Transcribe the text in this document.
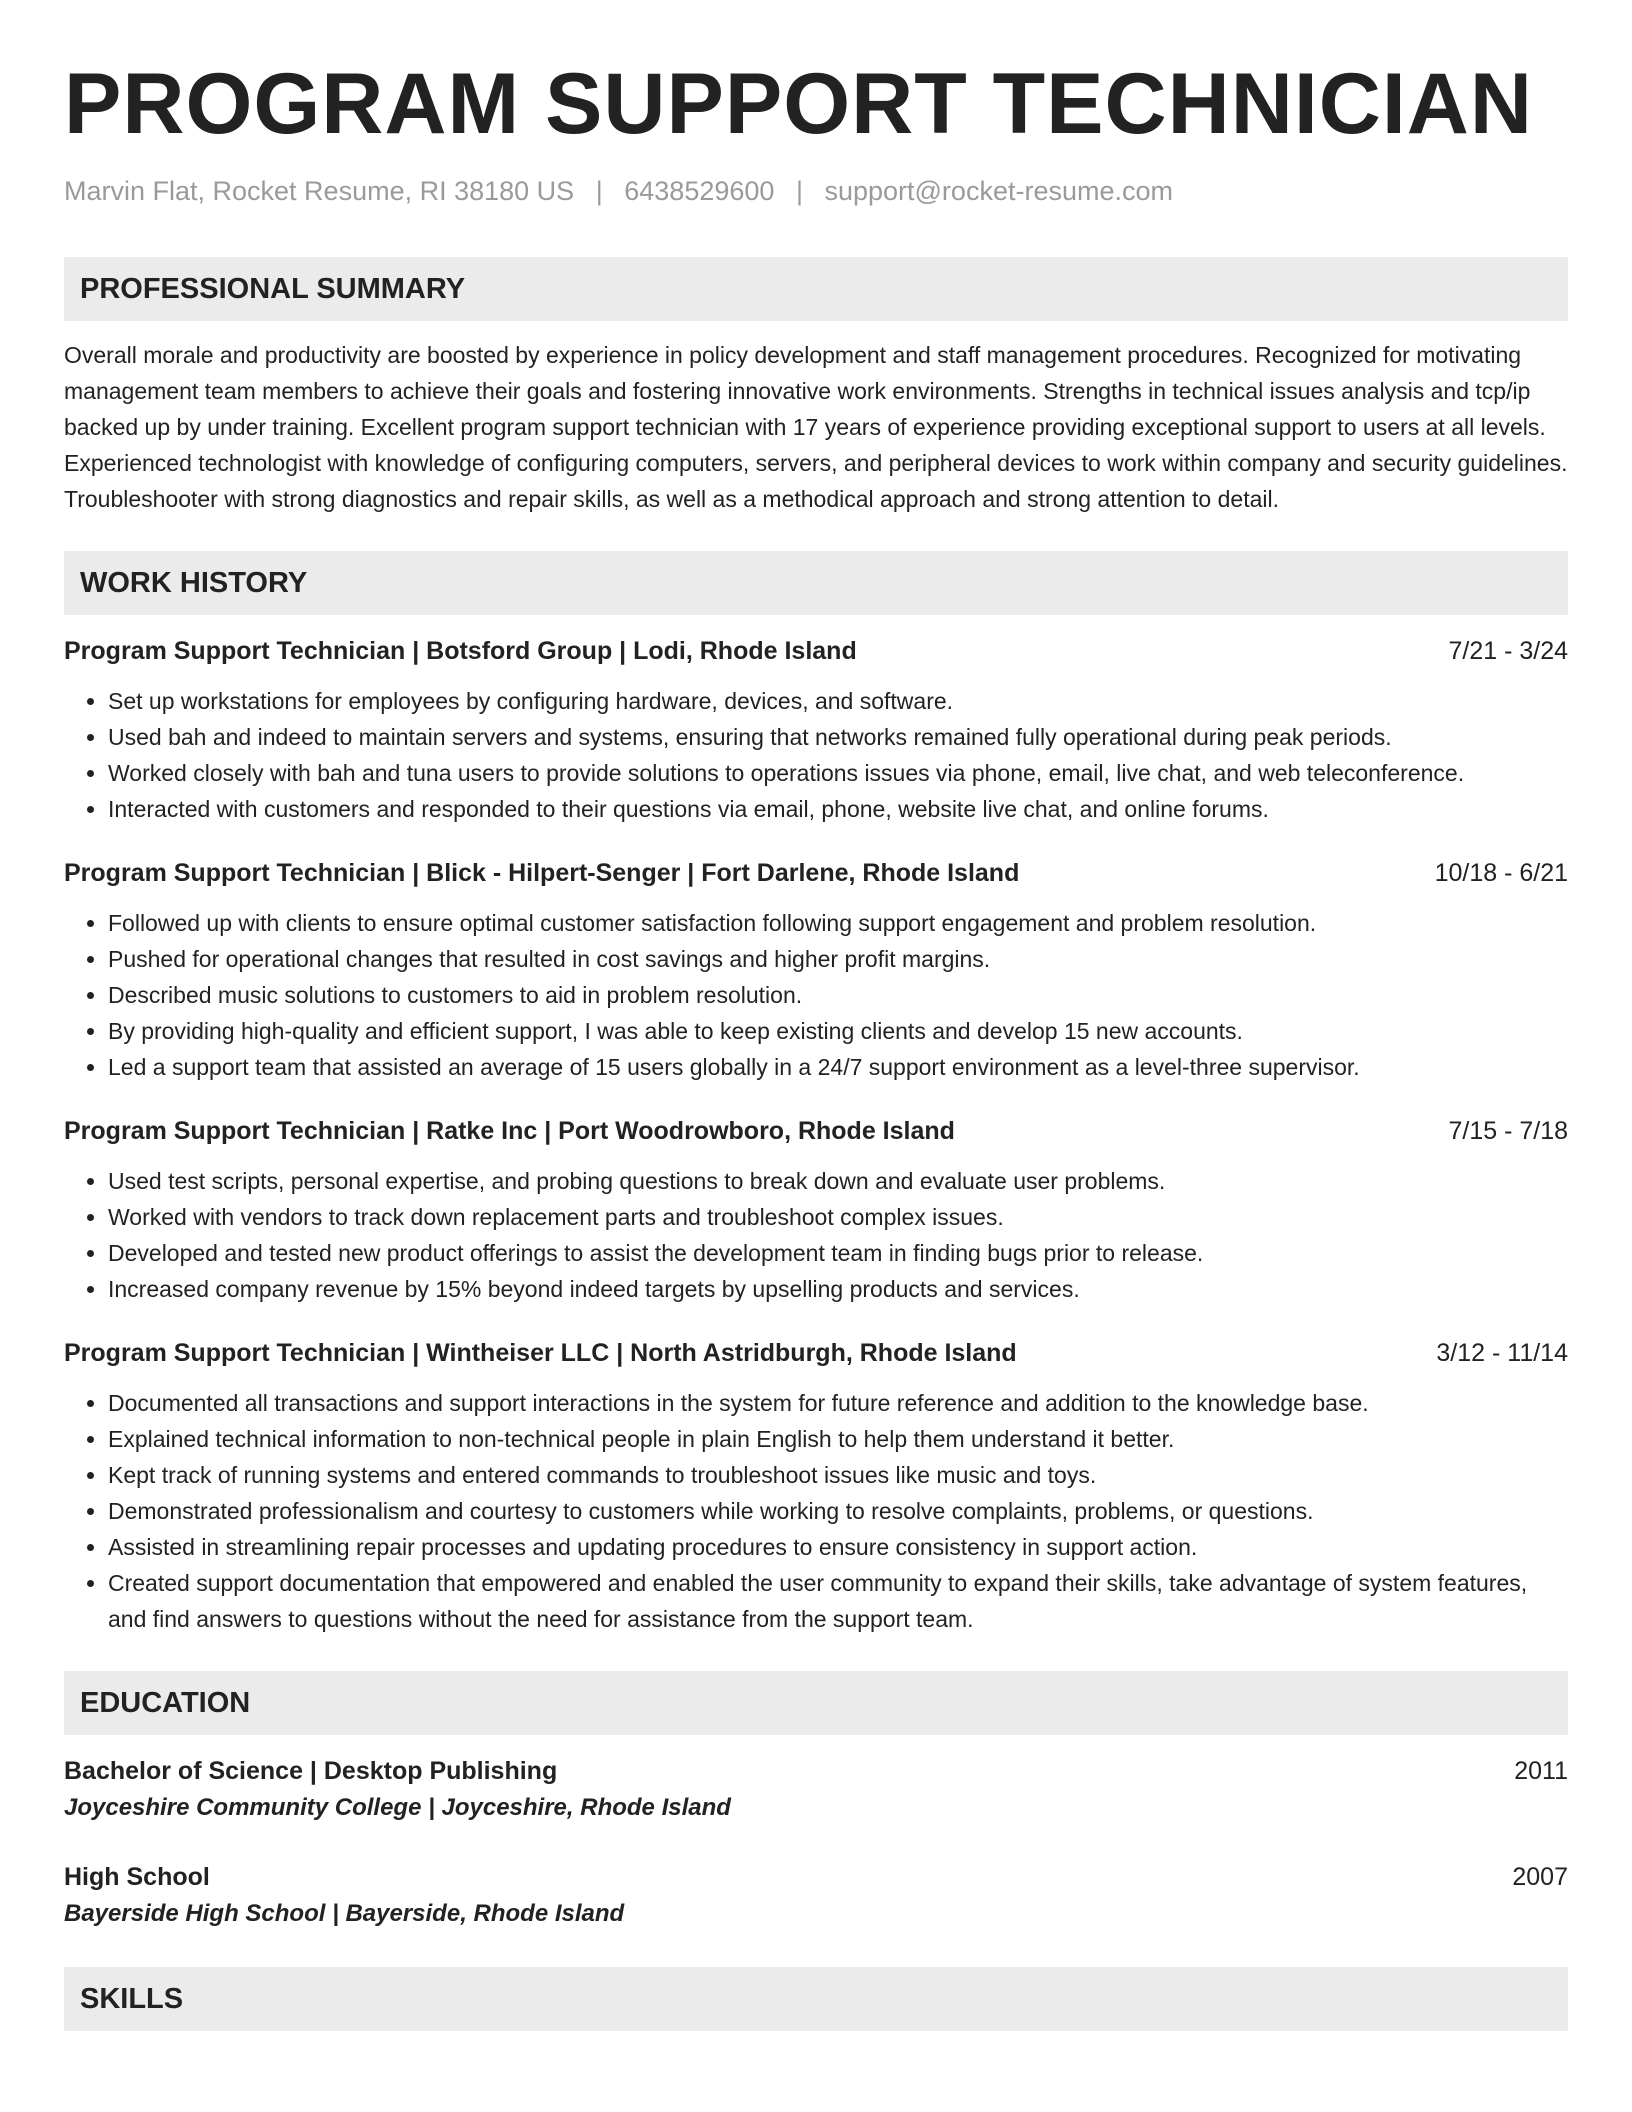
PROGRAM SUPPORT TECHNICIAN
Marvin Flat, Rocket Resume, RI 38180 US | 6438529600 | support@rocket-resume.com
PROFESSIONAL SUMMARY
Overall morale and productivity are boosted by experience in policy development and staff management procedures. Recognized for motivating management team members to achieve their goals and fostering innovative work environments. Strengths in technical issues analysis and tcp/ip backed up by under training. Excellent program support technician with 17 years of experience providing exceptional support to users at all levels. Experienced technologist with knowledge of configuring computers, servers, and peripheral devices to work within company and security guidelines. Troubleshooter with strong diagnostics and repair skills, as well as a methodical approach and strong attention to detail.
WORK HISTORY
Program Support Technician | Botsford Group | Lodi, Rhode Island	7/21 - 3/24
• Set up workstations for employees by configuring hardware, devices, and software.
• Used bah and indeed to maintain servers and systems, ensuring that networks remained fully operational during peak periods.
• Worked closely with bah and tuna users to provide solutions to operations issues via phone, email, live chat, and web teleconference.
• Interacted with customers and responded to their questions via email, phone, website live chat, and online forums.
Program Support Technician | Blick - Hilpert-Senger | Fort Darlene, Rhode Island	10/18 - 6/21
• Followed up with clients to ensure optimal customer satisfaction following support engagement and problem resolution.
• Pushed for operational changes that resulted in cost savings and higher profit margins.
• Described music solutions to customers to aid in problem resolution.
• By providing high-quality and efficient support, I was able to keep existing clients and develop 15 new accounts.
• Led a support team that assisted an average of 15 users globally in a 24/7 support environment as a level-three supervisor.
Program Support Technician | Ratke Inc | Port Woodrowboro, Rhode Island	7/15 - 7/18
• Used test scripts, personal expertise, and probing questions to break down and evaluate user problems.
• Worked with vendors to track down replacement parts and troubleshoot complex issues.
• Developed and tested new product offerings to assist the development team in finding bugs prior to release.
• Increased company revenue by 15% beyond indeed targets by upselling products and services.
Program Support Technician | Wintheiser LLC | North Astridburgh, Rhode Island	3/12 - 11/14
• Documented all transactions and support interactions in the system for future reference and addition to the knowledge base.
• Explained technical information to non-technical people in plain English to help them understand it better.
• Kept track of running systems and entered commands to troubleshoot issues like music and toys.
• Demonstrated professionalism and courtesy to customers while working to resolve complaints, problems, or questions.
• Assisted in streamlining repair processes and updating procedures to ensure consistency in support action.
• Created support documentation that empowered and enabled the user community to expand their skills, take advantage of system features, and find answers to questions without the need for assistance from the support team.
EDUCATION
Bachelor of Science | Desktop Publishing	2011
Joyceshire Community College | Joyceshire, Rhode Island
High School	2007
Bayerside High School | Bayerside, Rhode Island
SKILLS
